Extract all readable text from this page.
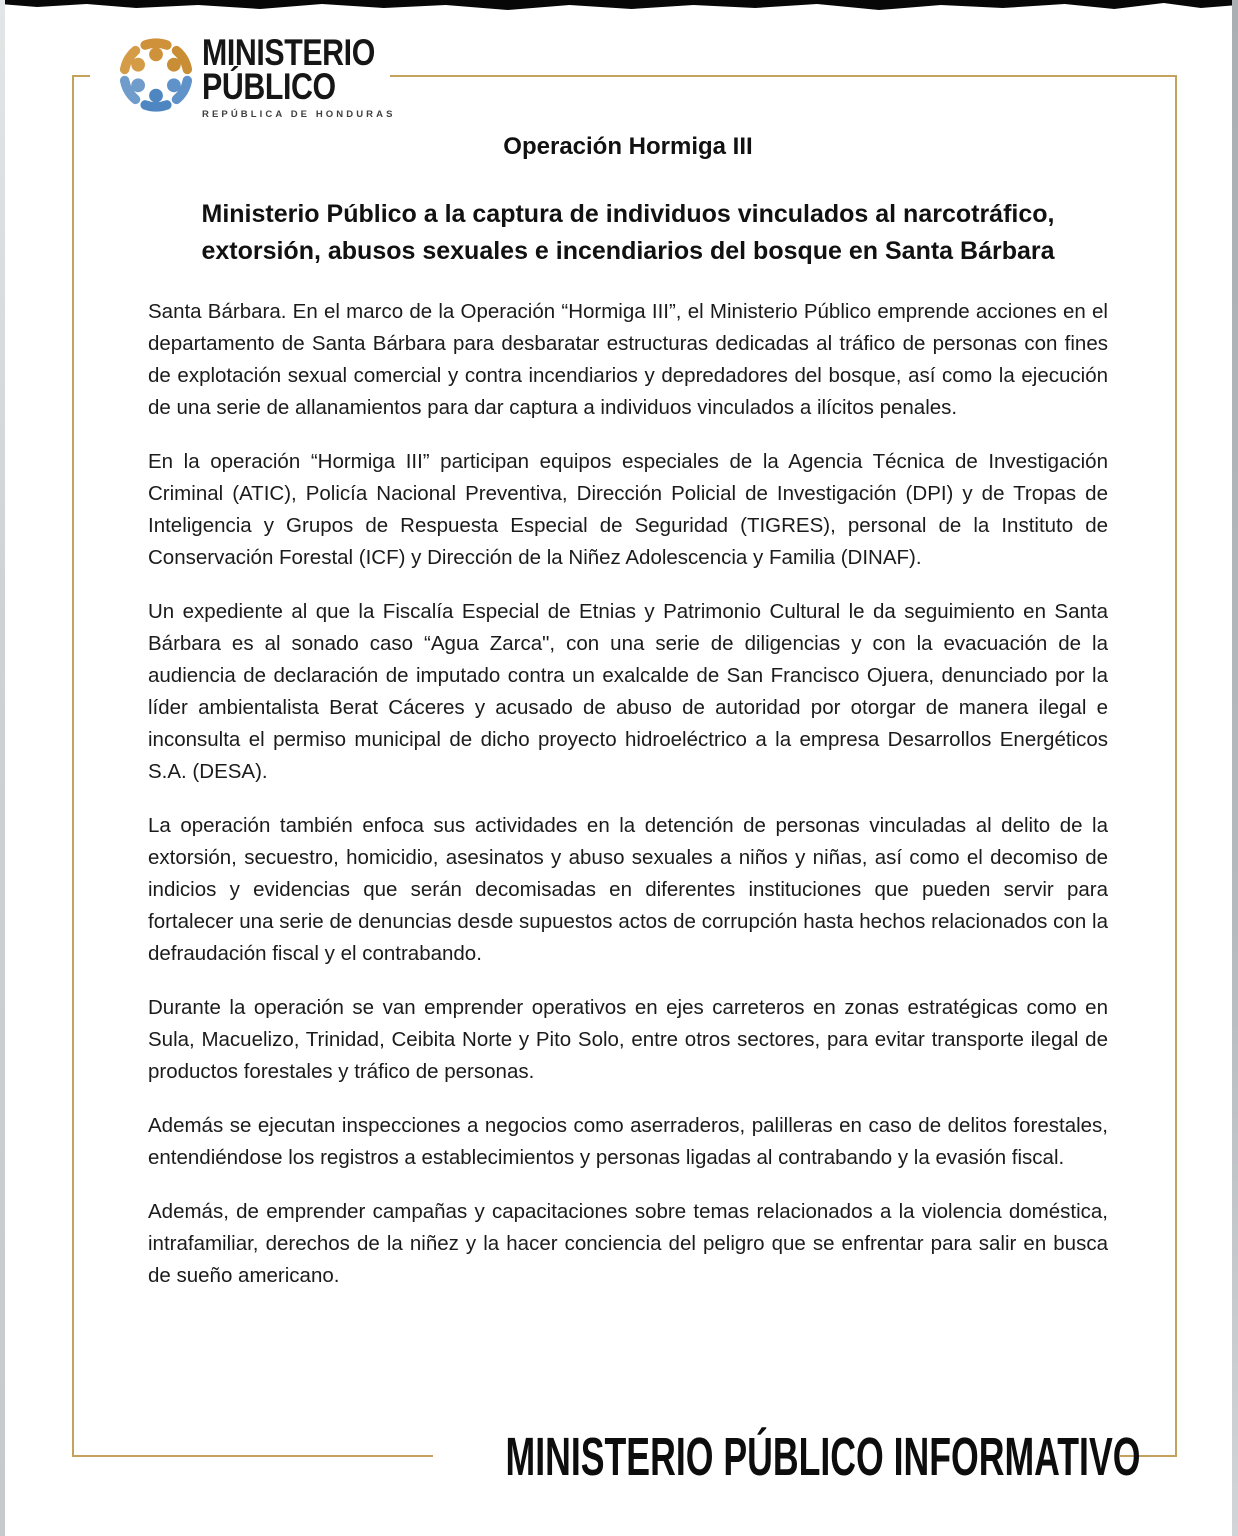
MINISTERIO
PÚBLICO
REPÚBLICA DE HONDURAS
Operación Hormiga III
Ministerio Público a la captura de individuos vinculados al narcotráfico, extorsión, abusos sexuales e incendiarios del bosque en Santa Bárbara

Santa Bárbara. En el marco de la Operación “Hormiga III”, el Ministerio Público emprende acciones en el departamento de Santa Bárbara para desbaratar estructuras dedicadas al tráfico de personas con fines de explotación sexual comercial y contra incendiarios y depredadores del bosque, así como la ejecución de una serie de allanamientos para dar captura a individuos vinculados a ilícitos penales.

En la operación “Hormiga III” participan equipos especiales de la Agencia Técnica de Investigación Criminal (ATIC), Policía Nacional Preventiva, Dirección Policial de Investigación (DPI) y de Tropas de Inteligencia y Grupos de Respuesta Especial de Seguridad (TIGRES), personal de la Instituto de Conservación Forestal (ICF) y Dirección de la Niñez Adolescencia y Familia (DINAF).

Un expediente al que la Fiscalía Especial de Etnias y Patrimonio Cultural le da seguimiento en Santa Bárbara es al sonado caso “Agua Zarca", con una serie de diligencias y con la evacuación de la audiencia de declaración de imputado contra un exalcalde de San Francisco Ojuera, denunciado por la líder ambientalista Berat Cáceres y acusado de abuso de autoridad por otorgar de manera ilegal e inconsulta el permiso municipal de dicho proyecto hidroeléctrico a la empresa Desarrollos Energéticos S.A. (DESA).

La operación también enfoca sus actividades en la detención de personas vinculadas al delito de la extorsión, secuestro, homicidio, asesinatos y abuso sexuales a niños y niñas, así como el decomiso de indicios y evidencias que serán decomisadas en diferentes instituciones que pueden servir para fortalecer una serie de denuncias desde supuestos actos de corrupción hasta hechos relacionados con la defraudación fiscal y el contrabando.

Durante la operación se van emprender operativos en ejes carreteros en zonas estratégicas como en Sula, Macuelizo, Trinidad, Ceibita Norte y Pito Solo, entre otros sectores, para evitar transporte ilegal de productos forestales y tráfico de personas.

Además se ejecutan inspecciones a negocios como aserraderos, palilleras en caso de delitos forestales, entendiéndose los registros a establecimientos y personas ligadas al contrabando y la evasión fiscal.

Además, de emprender campañas y capacitaciones sobre temas relacionados a la violencia doméstica, intrafamiliar, derechos de la niñez y la hacer conciencia del peligro que se enfrentar para salir en busca de sueño americano.

MINISTERIO PÚBLICO INFORMATIVO
